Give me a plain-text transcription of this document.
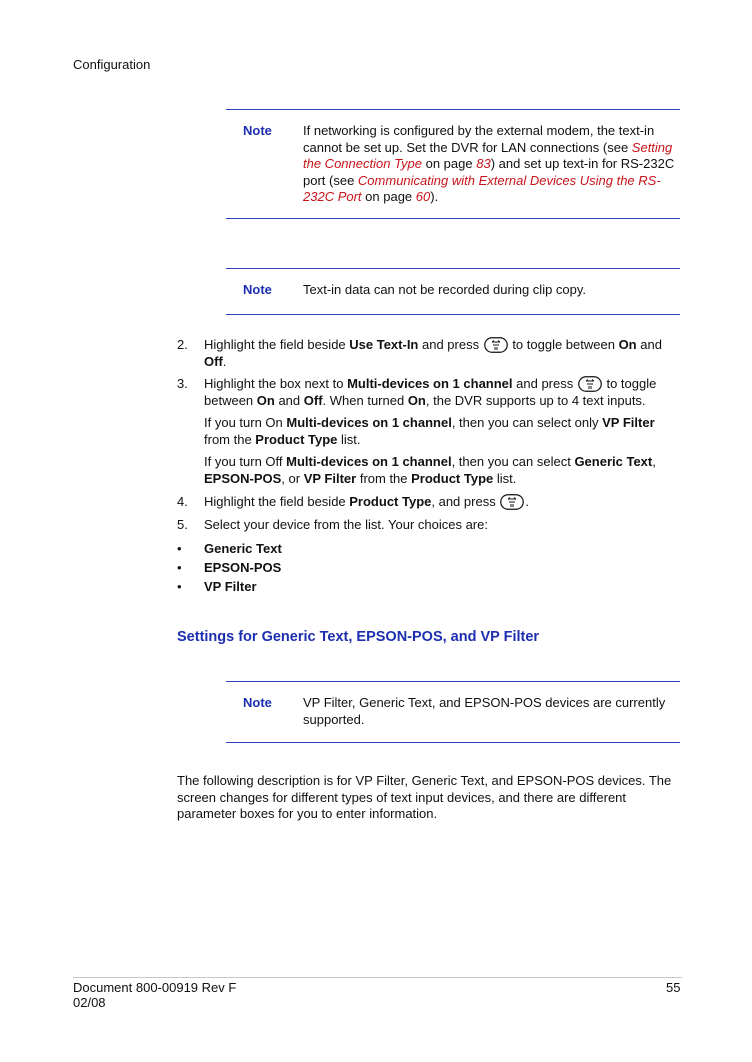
Configuration
Note If networking is configured by the external modem, the text-in cannot be set up. Set the DVR for LAN connections (see Setting the Connection Type on page 83) and set up text-in for RS-232C port (see Communicating with External Devices Using the RS-232C Port on page 60).
Note Text-in data can not be recorded during clip copy.
2. Highlight the field beside Use Text-In and press  to toggle between On and Off.
3. Highlight the box next to Multi-devices on 1 channel and press  to toggle between On and Off. When turned On, the DVR supports up to 4 text inputs.
If you turn On Multi-devices on 1 channel, then you can select only VP Filter from the Product Type list.
If you turn Off Multi-devices on 1 channel, then you can select Generic Text, EPSON-POS, or VP Filter from the Product Type list.
4. Highlight the field beside Product Type, and press .
5. Select your device from the list. Your choices are:
• Generic Text
• EPSON-POS
• VP Filter
Settings for Generic Text, EPSON-POS, and VP Filter
Note VP Filter, Generic Text, and EPSON-POS devices are currently supported.
The following description is for VP Filter, Generic Text, and EPSON-POS devices. The screen changes for different types of text input devices, and there are different parameter boxes for you to enter information.
Document 800-00919 Rev F
02/08
55
